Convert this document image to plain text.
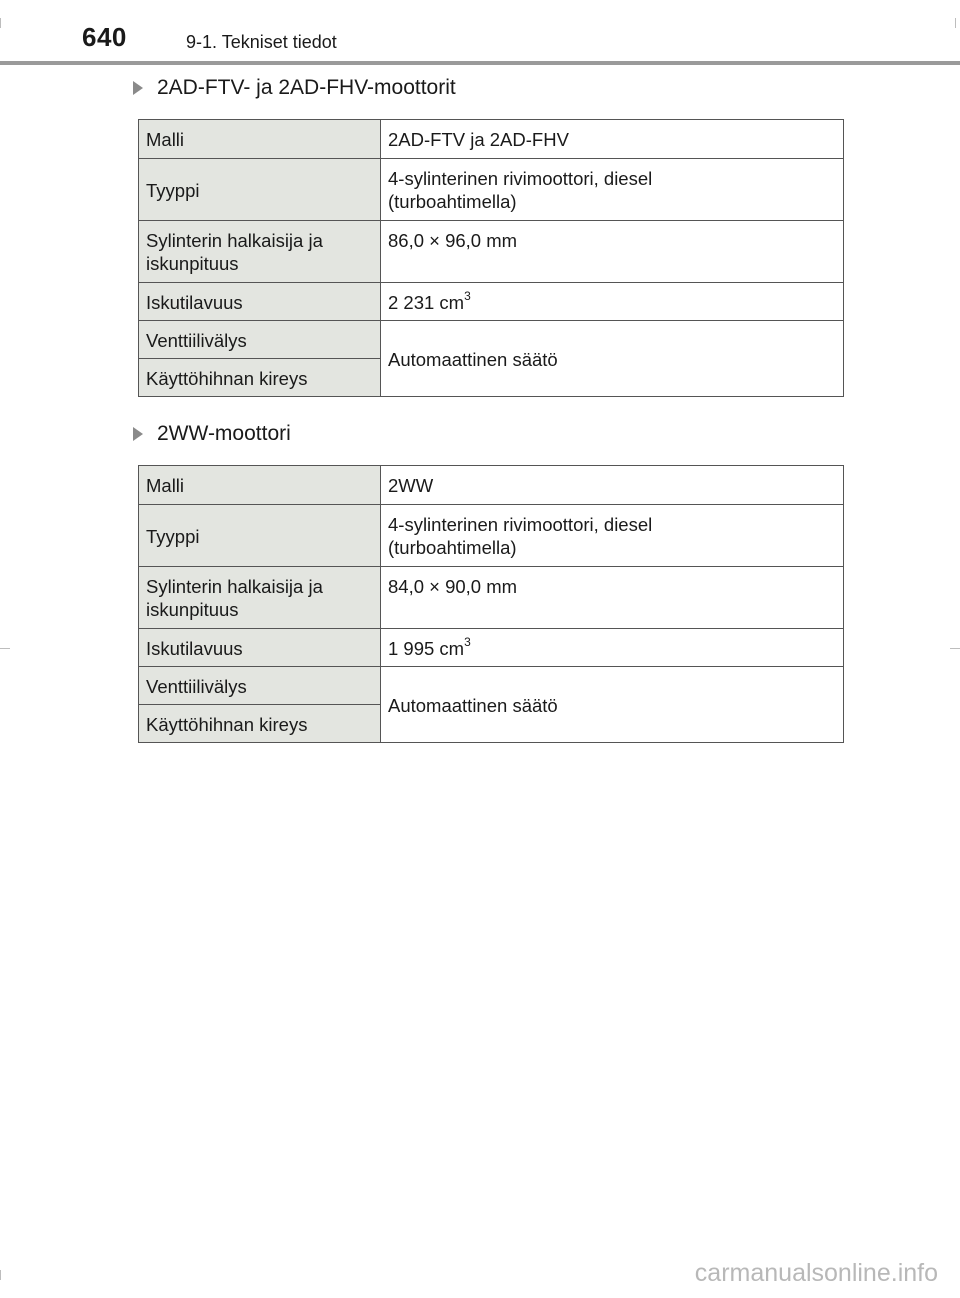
640	9-1. Tekniset tiedot
2AD-FTV- ja 2AD-FHV-moottorit
Malli	2AD-FTV ja 2AD-FHV
Tyyppi	4-sylinterinen rivimoottori, diesel
(turboahtimella)
Sylinterin halkaisija ja
iskunpituus	86,0 × 96,0 mm
Iskutilavuus	2 231 $cm^3$
Venttiilivälys	Automaattinen säätö
Käyttöhihnan kireys	
2WW-moottori
Malli	2WW
Tyyppi	4-sylinterinen rivimoottori, diesel
(turboahtimella)
Sylinterin halkaisija ja
iskunpituus	84,0 × 90,0 mm
Iskutilavuus	1 995 $cm^3$
Venttiilivälys	Automaattinen säätö
Käyttöhihnan kireys	
carmanualsonline.info
